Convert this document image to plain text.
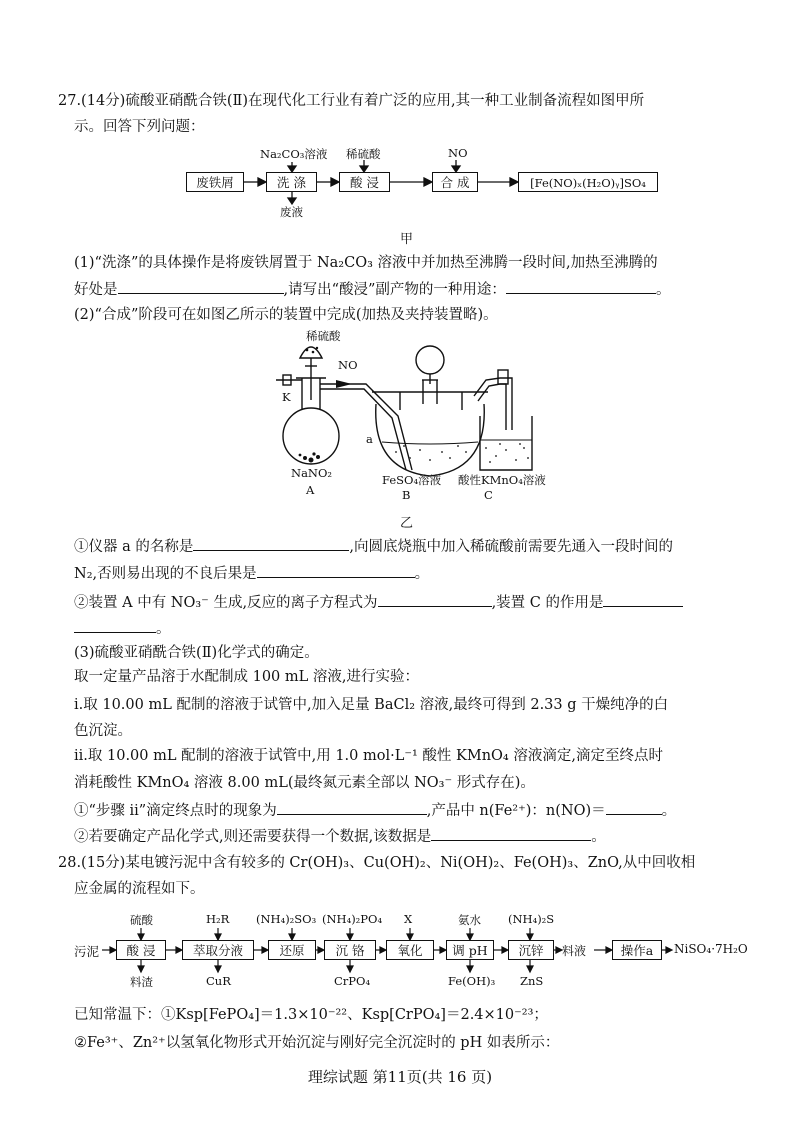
27.(14分)硫酸亚硝酰合铁(Ⅱ)在现代化工行业有着广泛的应用,其一种工业制备流程如图甲所
示。回答下列问题：
废铁屑	洗 涤	酸 浸	合 成	[Fe(NO)ₓ(H₂O)ᵧ]SO₄
Na₂CO₃溶液 稀硫酸	NO
废液
甲
(1)“洗涤”的具体操作是将废铁屑置于 Na₂CO₃ 溶液中并加热至沸腾一段时间,加热至沸腾的
好处是	,请写出“酸浸”副产物的一种用途：	。
(2)“合成”阶段可在如图乙所示的装置中完成(加热及夹持装置略)。
稀硫酸
NO
K
a
NaNO₂
A
FeSO₄溶液
B
酸性KMnO₄溶液
C
乙
①仪器 a 的名称是	,向圆底烧瓶中加入稀硫酸前需要先通入一段时间的
N₂,否则易出现的不良后果是	。
②装置 A 中有 NO₃⁻ 生成,反应的离子方程式为	,装置 C 的作用是
。
(3)硫酸亚硝酰合铁(Ⅱ)化学式的确定。
取一定量产品溶于水配制成 100 mL 溶液,进行实验：
i.取 10.00 mL 配制的溶液于试管中,加入足量 BaCl₂ 溶液,最终可得到 2.33 g 干燥纯净的白
色沉淀。
ii.取 10.00 mL 配制的溶液于试管中,用 1.0 mol·L⁻¹ 酸性 KMnO₄ 溶液滴定,滴定至终点时
消耗酸性 KMnO₄ 溶液 8.00 mL(最终氮元素全部以 NO₃⁻ 形式存在)。
①“步骤 ii”滴定终点时的现象为	,产品中 n(Fe²⁺)：n(NO)＝	。
②若要确定产品化学式,则还需要获得一个数据,该数据是	。
28.(15分)某电镀污泥中含有较多的 Cr(OH)₃、Cu(OH)₂、Ni(OH)₂、Fe(OH)₃、ZnO,从中回收相
应金属的流程如下。
污泥	酸 浸	萃取分液	还原	沉 铬	氧化	调 pH	沉锌	料液	操作a	NiSO₄·7H₂O
硫酸	H₂R (NH₄)₂SO₃ (NH₄)₂PO₄ X	氨水 (NH₄)₂S
料渣	CuR	CrPO₄	Fe(OH)₃ ZnS
已知常温下：①Ksp[FePO₄]＝1.3×10⁻²²、Ksp[CrPO₄]＝2.4×10⁻²³；
②Fe³⁺、Zn²⁺以氢氧化物形式开始沉淀与刚好完全沉淀时的 pH 如表所示：
理综试题 第11页(共 16 页)
